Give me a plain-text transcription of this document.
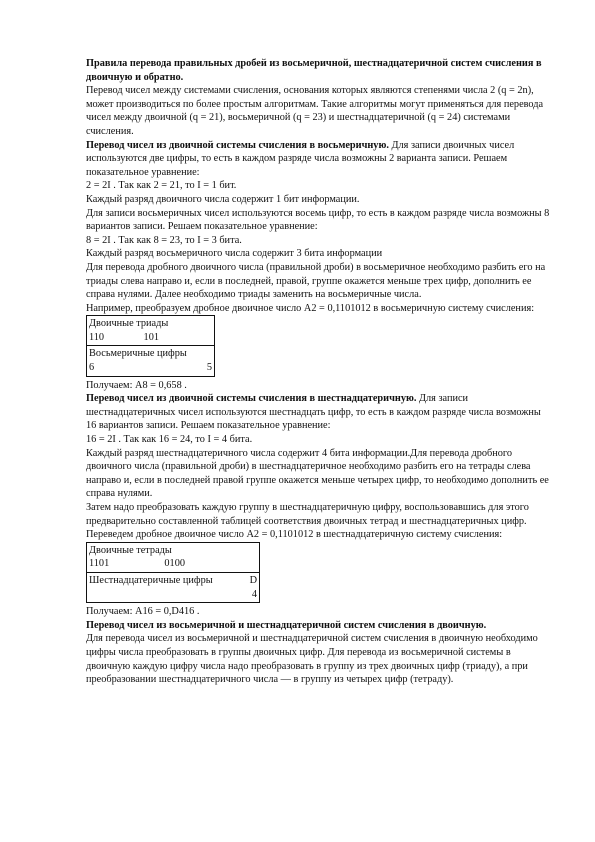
Правила перевода правильных дробей из восьмеричной, шестнадцатеричной систем счисления в двоичную и обратно.

Перевод чисел между системами счисления, основания которых являются степенями числа 2 (q = 2n), может производиться по более простым алгоритмам. Такие алгоритмы могут применяться для перевода чисел между двоичной (q = 21), восьмеричной (q = 23) и шестнадцатеричной (q = 24) системами счисления.

Перевод чисел из двоичной системы счисления в восьмеричную. Для записи двоичных чисел используются две цифры, то есть в каждом разряде числа возможны 2 варианта записи. Решаем показательное уравнение:

2 = 2I . Так как 2 = 21, то I = 1 бит.

Каждый разряд двоичного числа содержит 1 бит информации.

Для записи восьмеричных чисел используются восемь цифр, то есть в каждом разряде числа возможны 8 вариантов записи. Решаем показательное уравнение:

8 = 2I . Так как 8 = 23, то I = 3 бита.

Каждый разряд восьмеричного числа содержит 3 бита информации

Для перевода дробного двоичного числа (правильной дроби) в восьмеричное необходимо разбить его на триады слева направо и, если в последней, правой, группе окажется меньше трех цифр, дополнить ее справа нулями. Далее необходимо триады заменить на восьмеричные числа.

Например, преобразуем дробное двоичное число A2 = 0,1101012 в восьмеричную систему счисления:

Двоичные триады
110	101
Восьмеричные цифры
6	5

Получаем: A8 = 0,658 .

Перевод чисел из двоичной системы счисления в шестнадцатеричную. Для записи шестнадцатеричных чисел используются шестнадцать цифр, то есть в каждом разряде числа возможны 16 вариантов записи. Решаем показательное уравнение:

16 = 2I . Так как 16 = 24, то I = 4 бита.

Каждый разряд шестнадцатеричного числа содержит 4 бита информации.Для перевода дробного двоичного числа (правильной дроби) в шестнадцатеричное необходимо разбить его на тетрады слева направо и, если в последней правой группе окажется меньше четырех цифр, то необходимо дополнить ее справа нулями.

Затем надо преобразовать каждую группу в шестнадцатеричную цифру, воспользовавшись для этого предварительно составленной таблицей соответствия двоичных тетрад и шестнадцатеричных цифр. Переведем дробное двоичное число A2 = 0,1101012 в шестнадцатеричную систему счисления:

Двоичные тетрады
1101	0100
Шестнадцатеричные цифры	D
4

Получаем: A16 = 0,D416 .

Перевод чисел из восьмеричной и шестнадцатеричной систем счисления в двоичную.

Для перевода чисел из восьмеричной и шестнадцатеричной систем счисления в двоичную необходимо цифры числа преобразовать в группы двоичных цифр. Для перевода из восьмеричной системы в двоичную каждую цифру числа надо преобразовать в группу из трех двоичных цифр (триаду), а при преобразовании шестнадцатеричного числа — в группу из четырех цифр (тетраду).
